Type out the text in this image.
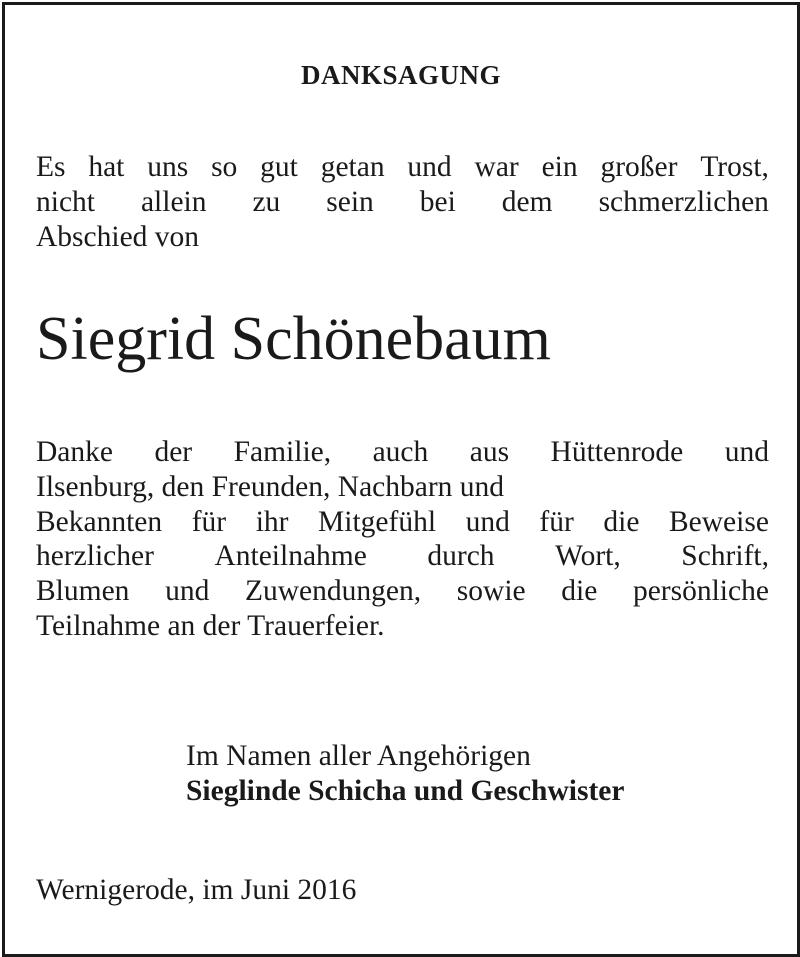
DANKSAGUNG
Es hat uns so gut getan und war ein großer Trost,
nicht allein zu sein bei dem schmerzlichen
Abschied von
Siegrid Schönebaum
Danke der Familie, auch aus Hüttenrode und
Ilsenburg, den Freunden, Nachbarn und
Bekannten für ihr Mitgefühl und für die Beweise
herzlicher Anteilnahme durch Wort, Schrift,
Blumen und Zuwendungen, sowie die persönliche
Teilnahme an der Trauerfeier.
Im Namen aller Angehörigen
Sieglinde Schicha und Geschwister
Wernigerode, im Juni 2016
